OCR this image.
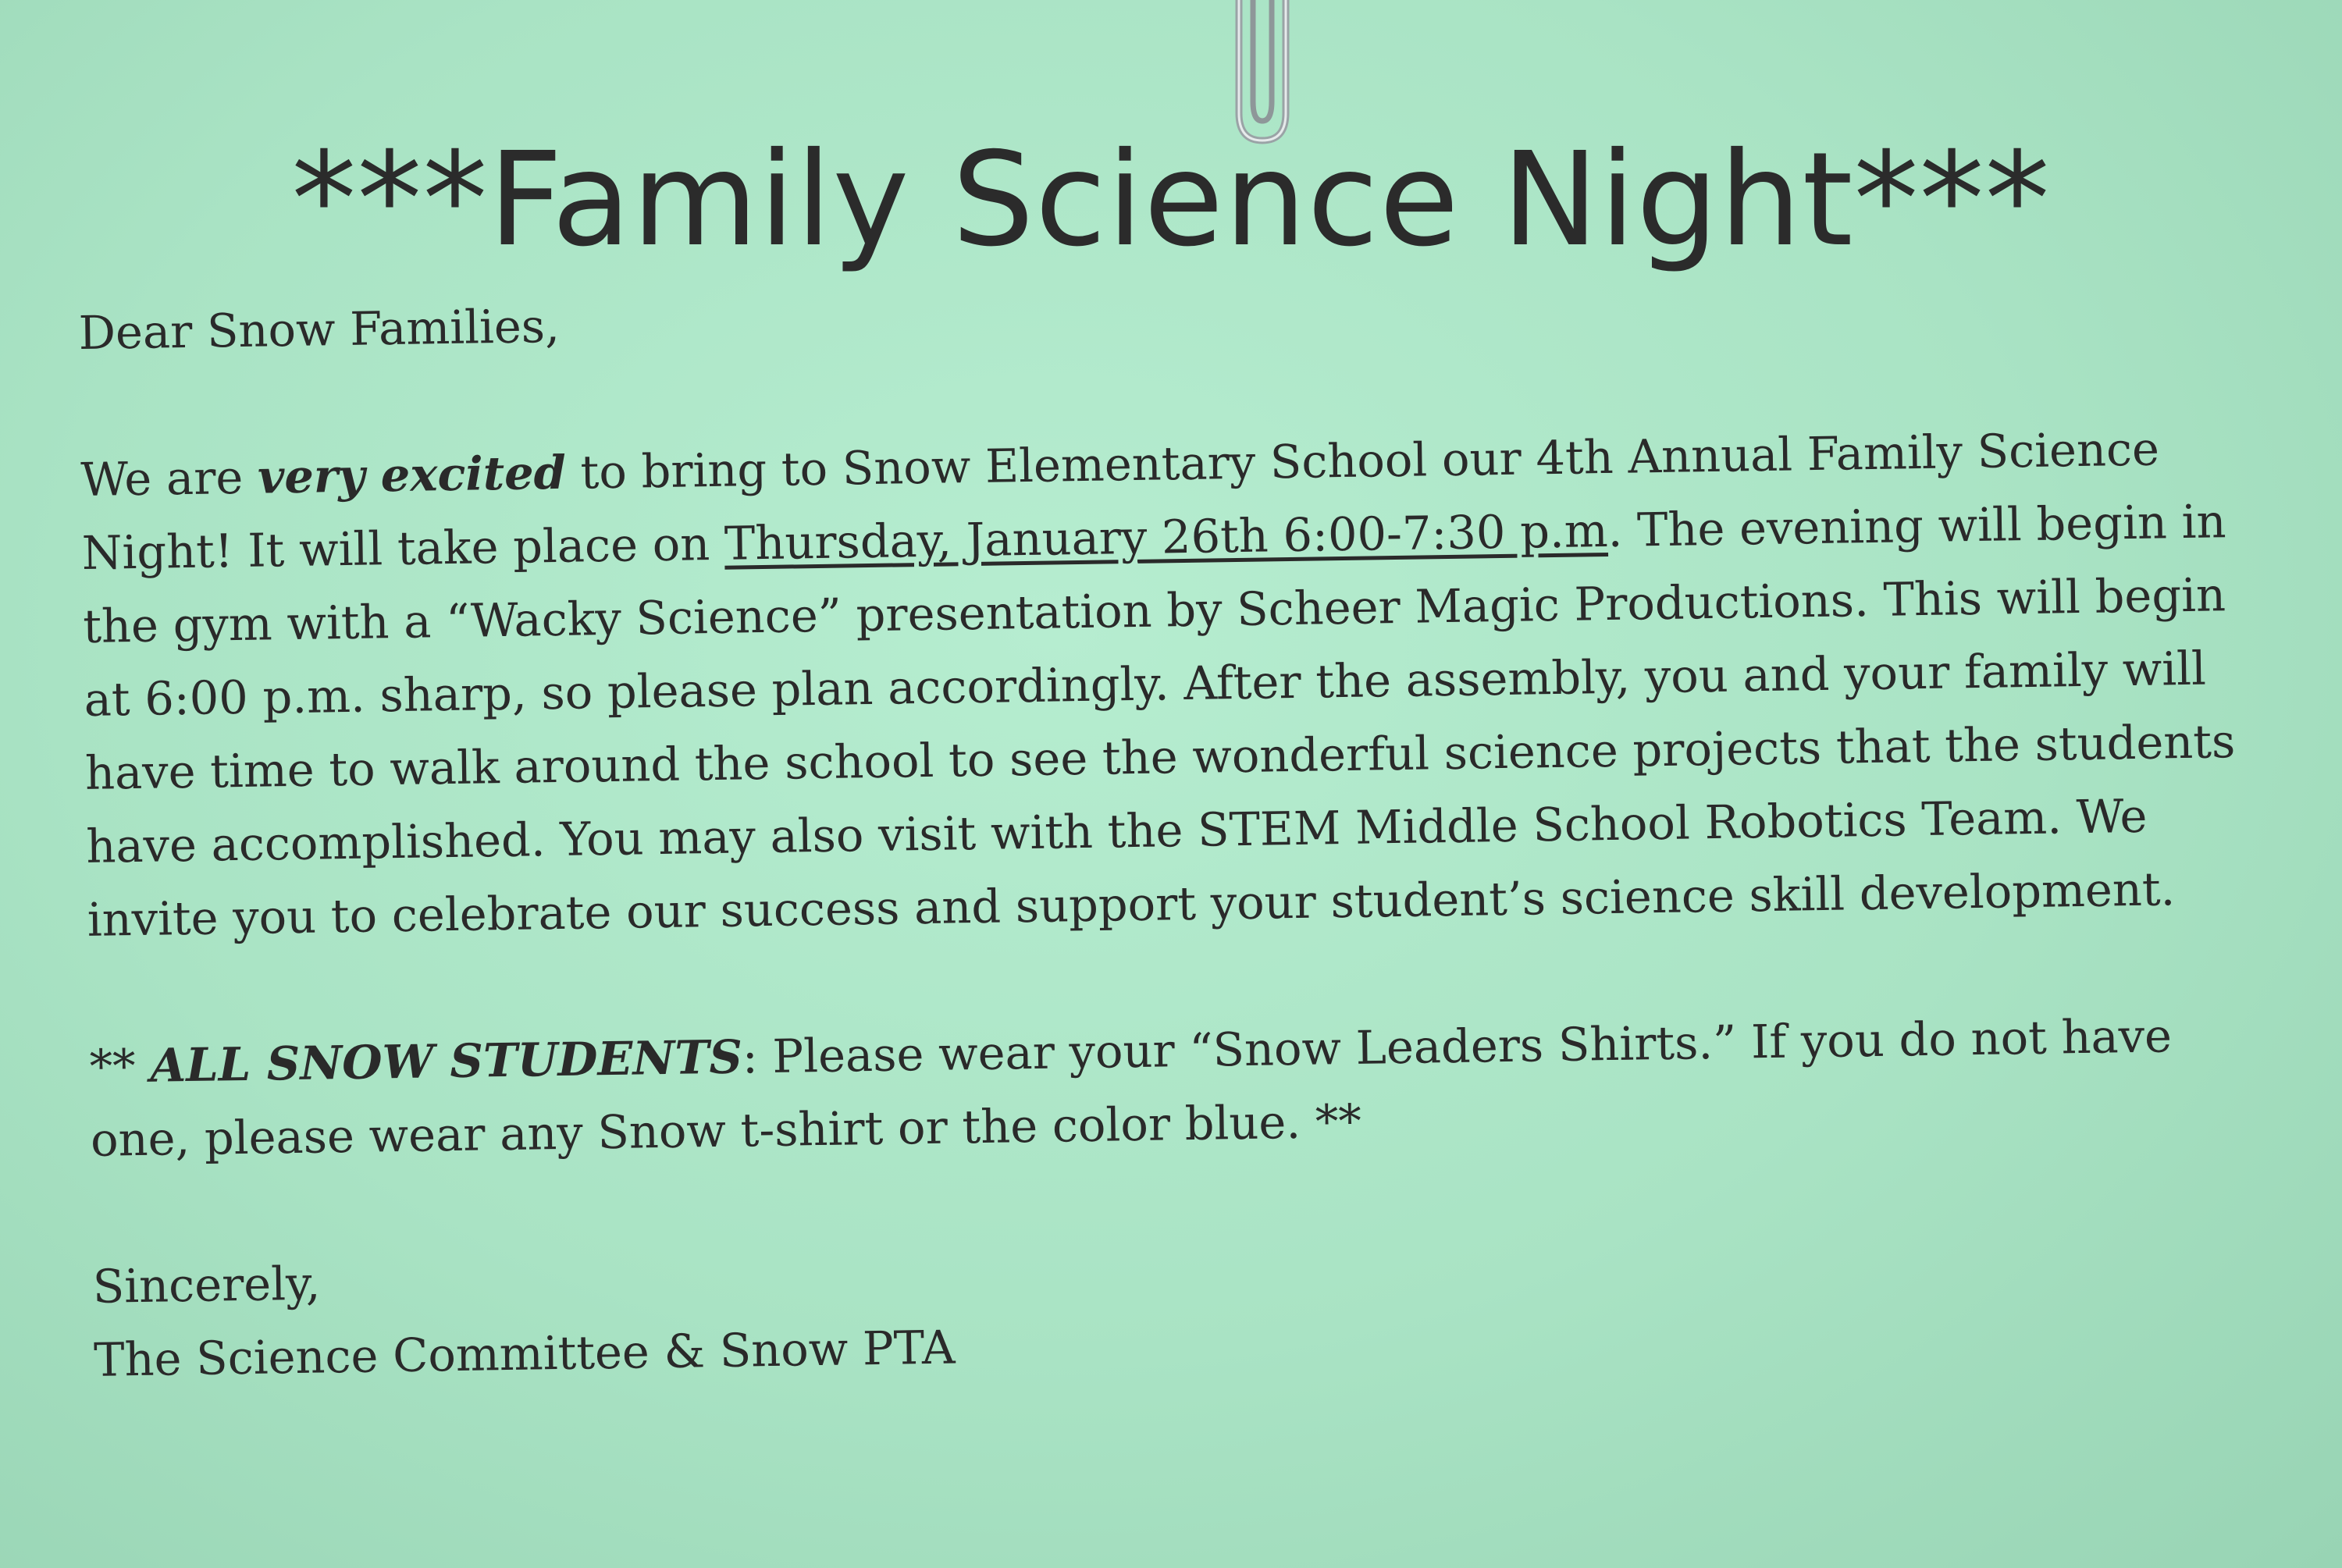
***Family Science Night***

Dear Snow Families,

We are very excited to bring to Snow Elementary School our 4th Annual Family Science Night! It will take place on Thursday, January 26th 6:00-7:30 p.m. The evening will begin in the gym with a “Wacky Science” presentation by Scheer Magic Productions. This will begin at 6:00 p.m. sharp, so please plan accordingly. After the assembly, you and your family will have time to walk around the school to see the wonderful science projects that the students have accomplished. You may also visit with the STEM Middle School Robotics Team. We invite you to celebrate our success and support your student’s science skill development.

** ALL SNOW STUDENTS: Please wear your “Snow Leaders Shirts.” If you do not have one, please wear any Snow t-shirt or the color blue. **

Sincerely,

The Science Committee & Snow PTA
